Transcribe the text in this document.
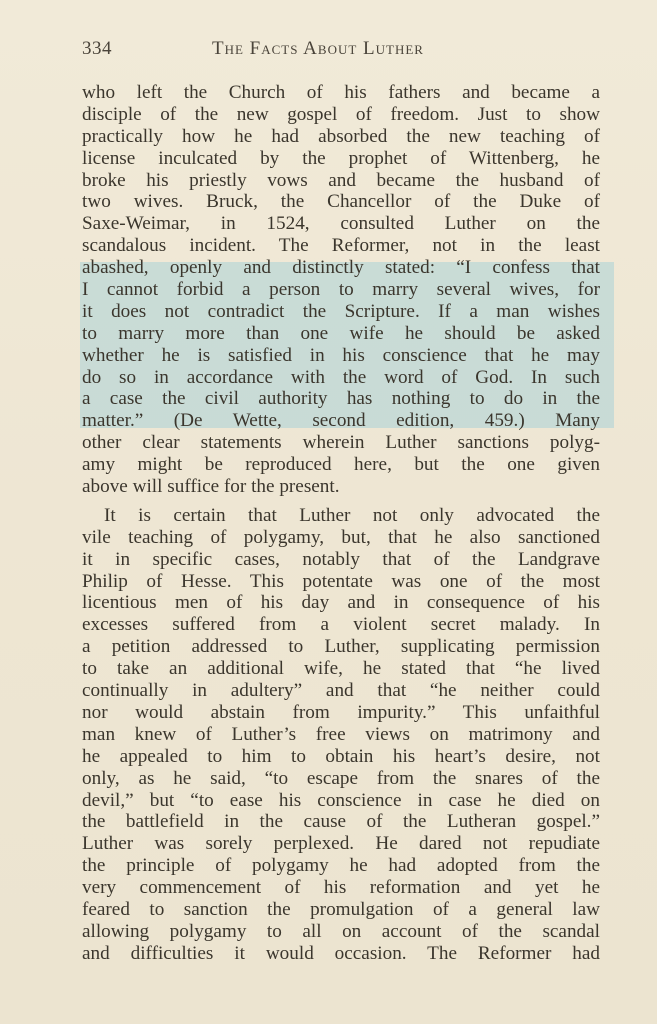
334	The Facts About Luther
who left the Church of his fathers and became a
disciple of the new gospel of freedom. Just to show
practically how he had absorbed the new teaching of
license inculcated by the prophet of Wittenberg, he
broke his priestly vows and became the husband of
two wives. Bruck, the Chancellor of the Duke of
Saxe-Weimar, in 1524, consulted Luther on the
scandalous incident. The Reformer, not in the least
abashed, openly and distinctly stated: “I confess that
I cannot forbid a person to marry several wives, for
it does not contradict the Scripture. If a man wishes
to marry more than one wife he should be asked
whether he is satisfied in his conscience that he may
do so in accordance with the word of God. In such
a case the civil authority has nothing to do in the
matter.” (De Wette, second edition, 459.) Many
other clear statements wherein Luther sanctions polyg-
amy might be reproduced here, but the one given
above will suffice for the present.
It is certain that Luther not only advocated the
vile teaching of polygamy, but, that he also sanctioned
it in specific cases, notably that of the Landgrave
Philip of Hesse. This potentate was one of the most
licentious men of his day and in consequence of his
excesses suffered from a violent secret malady. In
a petition addressed to Luther, supplicating permission
to take an additional wife, he stated that “he lived
continually in adultery” and that “he neither could
nor would abstain from impurity.” This unfaithful
man knew of Luther’s free views on matrimony and
he appealed to him to obtain his heart’s desire, not
only, as he said, “to escape from the snares of the
devil,” but “to ease his conscience in case he died on
the battlefield in the cause of the Lutheran gospel.”
Luther was sorely perplexed. He dared not repudiate
the principle of polygamy he had adopted from the
very commencement of his reformation and yet he
feared to sanction the promulgation of a general law
allowing polygamy to all on account of the scandal
and difficulties it would occasion. The Reformer had
